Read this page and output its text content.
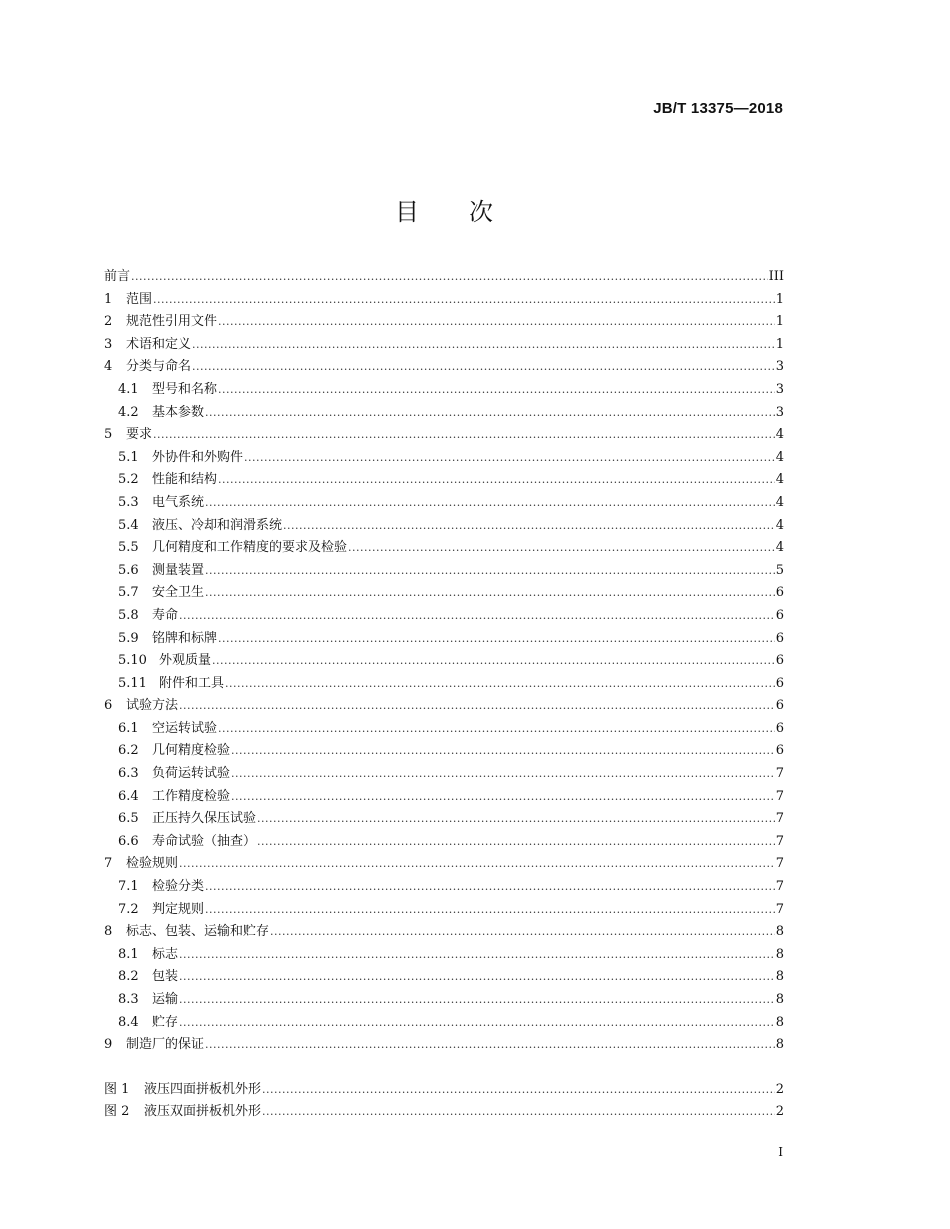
JB/T 13375—2018
目 次
前言 .....	III
1	范围 .....	1
2	规范性引用文件 .....	1
3	术语和定义 .....	1
4	分类与命名 .....	3
4.1	型号和名称 .....	3
4.2	基本参数 .....	3
5	要求 .....	4
5.1	外协件和外购件 .....	4
5.2	性能和结构 .....	4
5.3	电气系统 .....	4
5.4	液压、冷却和润滑系统 .....	4
5.5	几何精度和工作精度的要求及检验 .....	4
5.6	测量装置 .....	5
5.7	安全卫生 .....	6
5.8	寿命 .....	6
5.9	铭牌和标牌 .....	6
5.10 外观质量 .....	6
5.11 附件和工具 .....	6
6	试验方法 .....	6
6.1	空运转试验 .....	6
6.2	几何精度检验 .....	6
6.3	负荷运转试验 .....	7
6.4	工作精度检验 .....	7
6.5	正压持久保压试验 .....	7
6.6	寿命试验（抽查） .....	7
7	检验规则 .....	7
7.1	检验分类 .....	7
7.2	判定规则 .....	7
8	标志、包装、运输和贮存 .....	8
8.1	标志 .....	8
8.2	包装 .....	8
8.3	运输 .....	8
8.4	贮存 .....	8
9	制造厂的保证 .....	8
图 1	液压四面拼板机外形 .....	2
图 2	液压双面拼板机外形 .....	2
I
